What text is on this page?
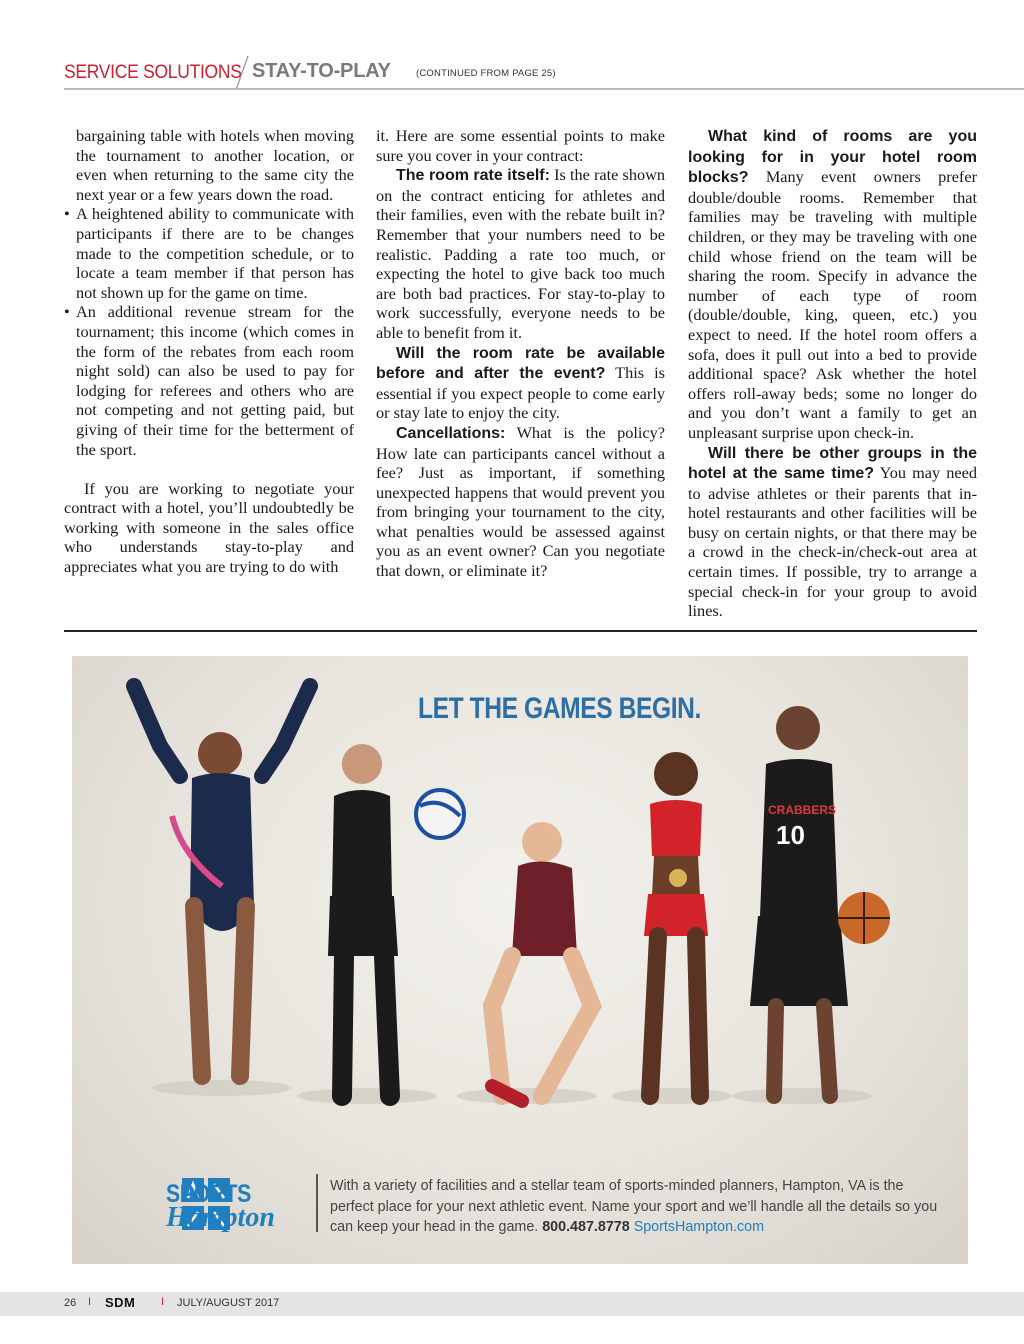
SERVICE SOLUTIONS STAY-TO-PLAY	(CONTINUED FROM PAGE 25)

bargaining table with hotels when moving the tournament to another location, or even when returning to the same city the next year or a few years down the road.

• A heightened ability to communicate with participants if there are to be changes made to the competition schedule, or to locate a team member if that person has not shown up for the game on time.

• An additional revenue stream for the tournament; this income (which comes in the form of the rebates from each room night sold) can also be used to pay for lodging for referees and others who are not competing and not getting paid, but giving of their time for the betterment of the sport.

If you are working to negotiate your contract with a hotel, you’ll undoubtedly be working with someone in the sales office who understands stay-to-play and appreciates what you are trying to do with

it. Here are some essential points to make sure you cover in your contract:

The room rate itself: Is the rate shown on the contract enticing for athletes and their families, even with the rebate built in? Remember that your numbers need to be realistic. Padding a rate too much, or expecting the hotel to give back too much are both bad practices. For stay-to-play to work successfully, everyone needs to be able to benefit from it.

Will the room rate be available before and after the event? This is essential if you expect people to come early or stay late to enjoy the city.

Cancellations: What is the policy? How late can participants cancel without a fee? Just as important, if something unexpected happens that would prevent you from bringing your tournament to the city, what penalties would be assessed against you as an event owner? Can you negotiate that down, or eliminate it?

What kind of rooms are you looking for in your hotel room blocks? Many event owners prefer double/double rooms. Remember that families may be traveling with multiple children, or they may be traveling with one child whose friend on the team will be sharing the room. Specify in advance the number of each type of room (double/double, king, queen, etc.) you expect to need. If the hotel room offers a sofa, does it pull out into a bed to provide additional space? Ask whether the hotel offers roll-away beds; some no longer do and you don’t want a family to get an unpleasant surprise upon check-in.

Will there be other groups in the hotel at the same time? You may need to advise athletes or their parents that in-hotel restaurants and other facilities will be busy on certain nights, or that there may be a crowd in the check-in/check-out area at certain times. If possible, try to arrange a special check-in for your group to avoid lines.

CRABBERS
10
LET THE GAMES BEGIN.
SPORTS
Hampton
With a variety of facilities and a stellar team of sports-minded planners, Hampton, VA is the perfect place for your next athletic event. Name your sport and we’ll handle all the details so you can keep your head in the game. 800.487.8778 SportsHampton.com
26 I SDM I JULY/AUGUST 2017
